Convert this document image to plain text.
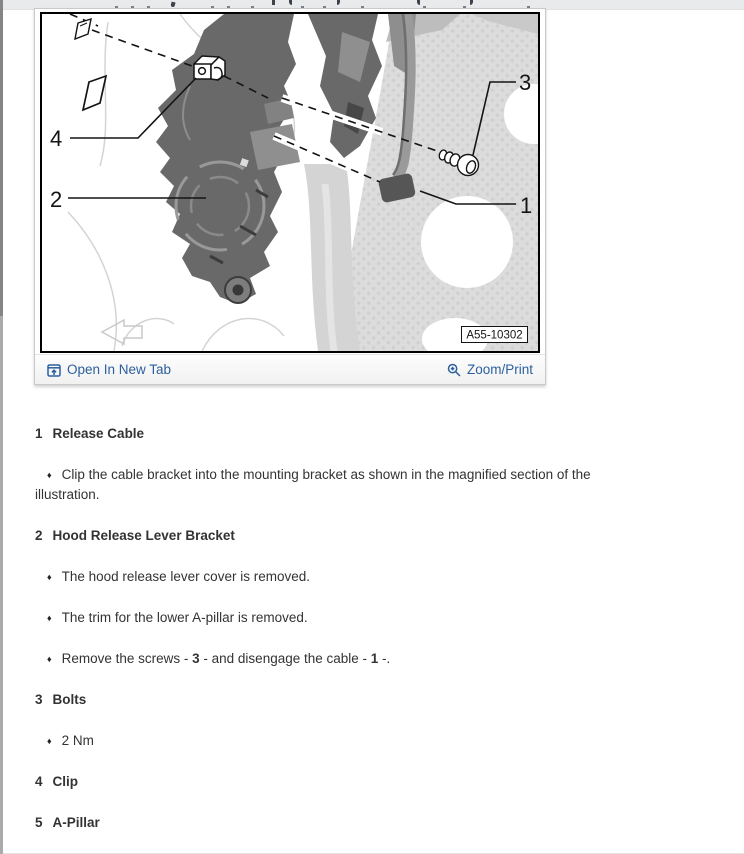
4
2
3
1
A55-10302
Open In New Tab	Zoom/Print
1 Release Cable

♦ Clip the cable bracket into the mounting bracket as shown in the magnified section of the illustration.

2 Hood Release Lever Bracket

♦ The hood release lever cover is removed.

♦ The trim for the lower A-pillar is removed.

♦ Remove the screws - 3 - and disengage the cable - 1 -.

3 Bolts

♦ 2 Nm

4 Clip
5 A-Pillar
